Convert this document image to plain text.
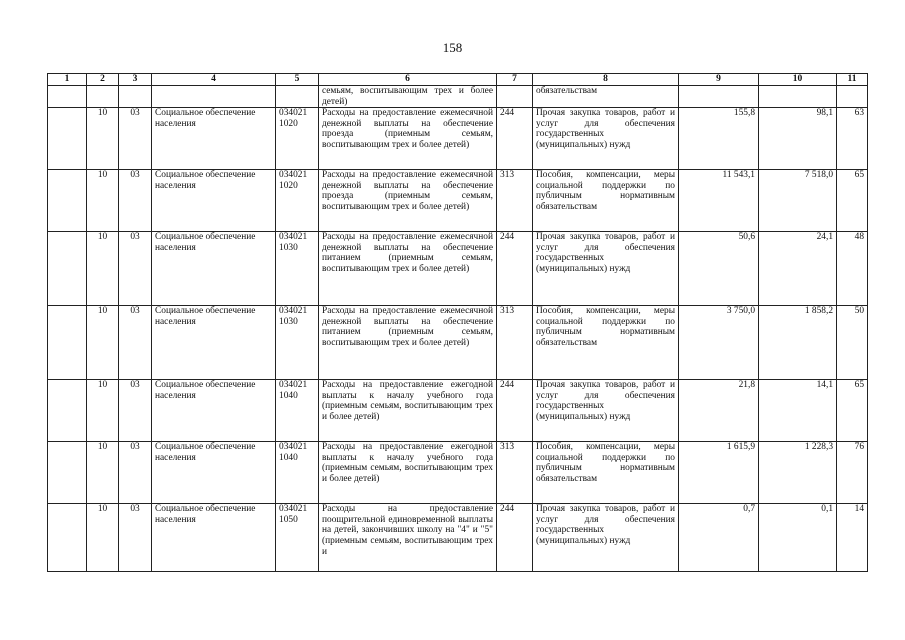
158
1	2	3	4	5	6	7	8	9	10	11
					семьям, воспитывающим трех и более детей)		обязательствам			
	10	03	Социальное обеспечение населения	034021 1020	Расходы на предоставление ежемесячной денежной выплаты на обеспечение проезда (приемным семьям, воспитывающим трех и более детей)	244	Прочая закупка товаров, работ и услуг для обеспечения государственных (муниципальных) нужд	155,8	98,1	63
	10	03	Социальное обеспечение населения	034021 1020	Расходы на предоставление ежемесячной денежной выплаты на обеспечение проезда (приемным семьям, воспитывающим трех и более детей)	313	Пособия, компенсации, меры социальной поддержки по публичным нормативным обязательствам	11 543,1	7 518,0	65
	10	03	Социальное обеспечение населения	034021 1030	Расходы на предоставление ежемесячной денежной выплаты на обеспечение питанием (приемным семьям, воспитывающим трех и более детей)	244	Прочая закупка товаров, работ и услуг для обеспечения государственных (муниципальных) нужд	50,6	24,1	48
	10	03	Социальное обеспечение населения	034021 1030	Расходы на предоставление ежемесячной денежной выплаты на обеспечение питанием (приемным семьям, воспитывающим трех и более детей)	313	Пособия, компенсации, меры социальной поддержки по публичным нормативным обязательствам	3 750,0	1 858,2	50
	10	03	Социальное обеспечение населения	034021 1040	Расходы на предоставление ежегодной выплаты к началу учебного года (приемным семьям, воспитывающим трех и более детей)	244	Прочая закупка товаров, работ и услуг для обеспечения государственных (муниципальных) нужд	21,8	14,1	65
	10	03	Социальное обеспечение населения	034021 1040	Расходы на предоставление ежегодной выплаты к началу учебного года (приемным семьям, воспитывающим трех и более детей)	313	Пособия, компенсации, меры социальной поддержки по публичным нормативным обязательствам	1 615,9	1 228,3	76
	10	03	Социальное обеспечение населения	034021 1050	Расходы на предоставление поощрительной единовременной выплаты на детей, закончивших школу на "4" и "5" (приемным семьям, воспитывающим трех и	244	Прочая закупка товаров, работ и услуг для обеспечения государственных (муниципальных) нужд	0,7	0,1	14
